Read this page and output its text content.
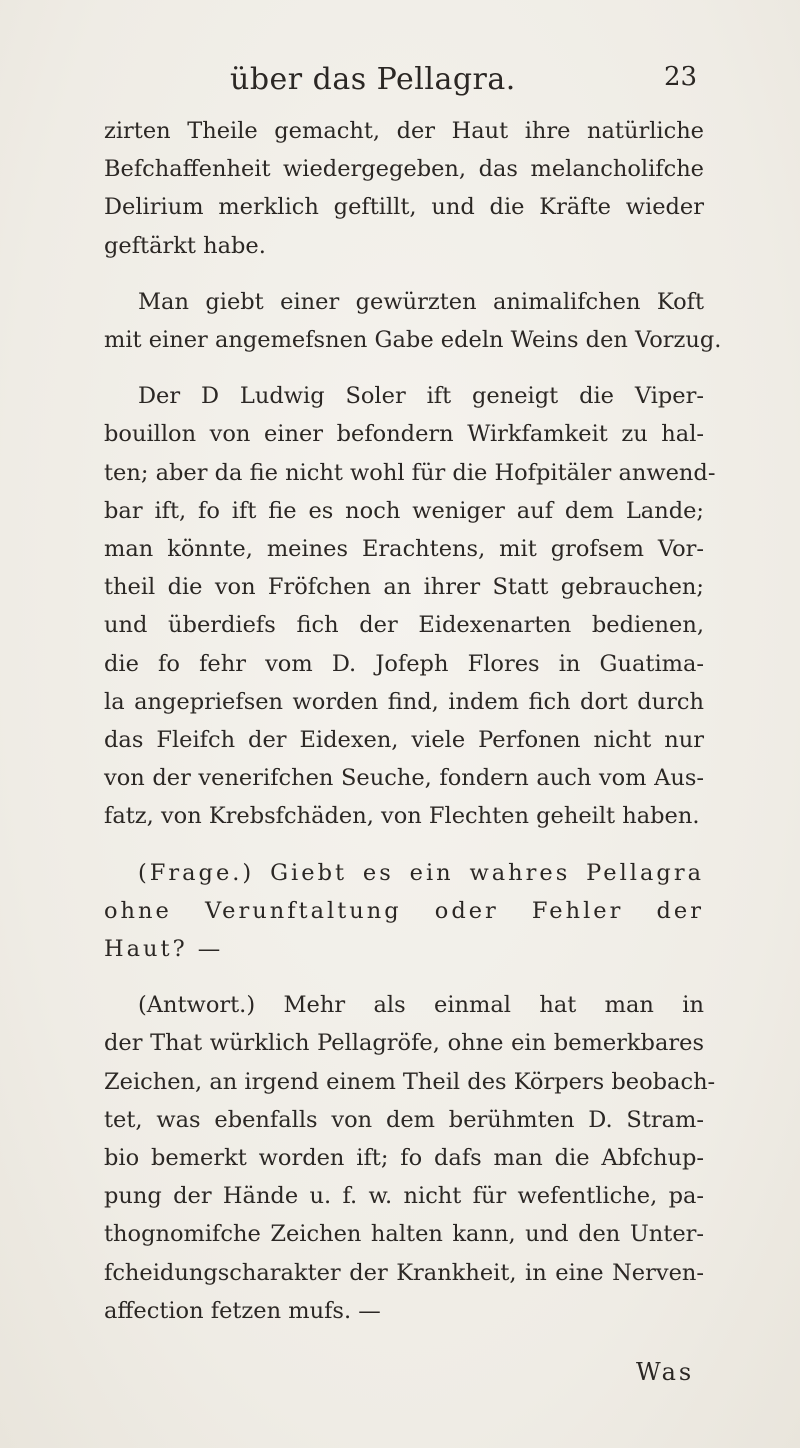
über das Pellagra.	23
zirten Theile gemacht, der Haut ihre natürliche
Befchaffenheit wiedergegeben, das melancholifche
Delirium merklich geftillt, und die Kräfte wieder
geftärkt habe.
Man giebt einer gewürzten animalifchen Koft
mit einer angemefsnen Gabe edeln Weins den Vorzug.
Der D Ludwig Soler ift geneigt die Viper-
bouillon von einer befondern Wirkfamkeit zu hal-
ten; aber da fie nicht wohl für die Hofpitäler anwend-
bar ift, fo ift fie es noch weniger auf dem Lande;
man könnte, meines Erachtens, mit grofsem Vor-
theil die von Fröfchen an ihrer Statt gebrauchen;
und überdiefs fich der Eidexenarten bedienen,
die fo fehr vom D. Jofeph Flores in Guatima-
la angepriefsen worden find, indem fich dort durch
das Fleifch der Eidexen, viele Perfonen nicht nur
von der venerifchen Seuche, fondern auch vom Aus-
fatz, von Krebsfchäden, von Flechten geheilt haben.
(Frage.) Giebt es ein wahres Pellagra
ohne Verunftaltung oder Fehler der
Haut? —
(Antwort.) Mehr als einmal hat man in
der That würklich Pellagröfe, ohne ein bemerkbares
Zeichen, an irgend einem Theil des Körpers beobach-
tet, was ebenfalls von dem berühmten D. Stram-
bio bemerkt worden ift; fo dafs man die Abfchup-
pung der Hände u. f. w. nicht für wefentliche, pa-
thognomifche Zeichen halten kann, und den Unter-
fcheidungscharakter der Krankheit, in eine Nerven-
affection fetzen mufs. —
Was
